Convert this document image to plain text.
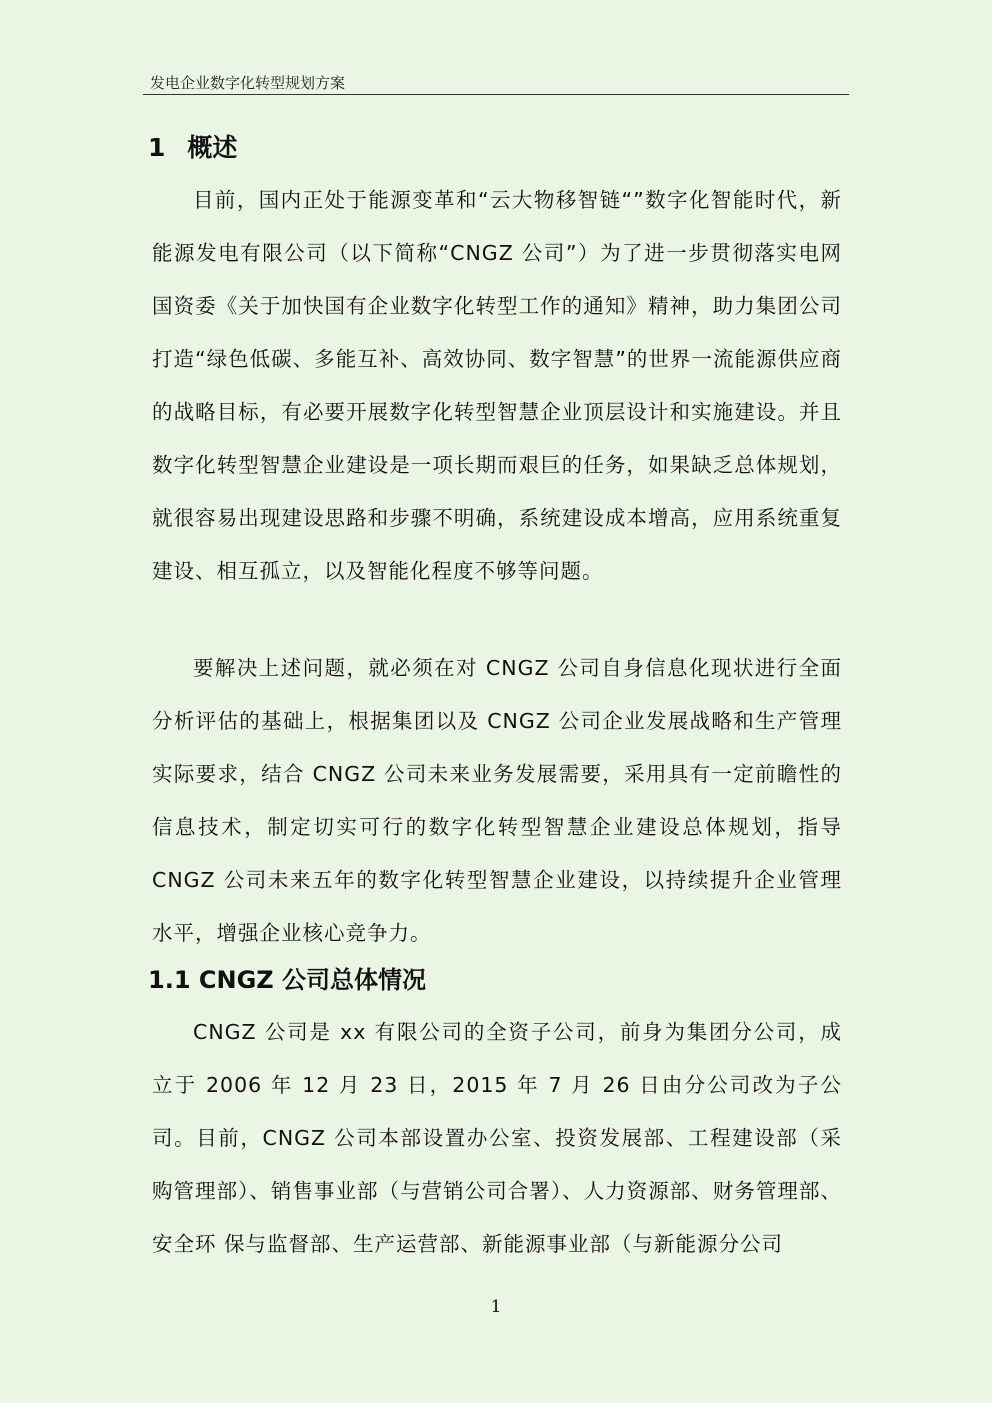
发电企业数字化转型规划方案
1 概述

目前，国内正处于能源变革和“云大物移智链“”数字化智能时代，新能源发电有限公司（以下简称“CNGZ 公司”）为了进一步贯彻落实电网国资委《关于加快国有企业数字化转型工作的通知》精神，助力集团公司打造“绿色低碳、多能互补、高效协同、数字智慧”的世界一流能源供应商的战略目标，有必要开展数字化转型智慧企业顶层设计和实施建设。并且数字化转型智慧企业建设是一项长期而艰巨的任务，如果缺乏总体规划，就很容易出现建设思路和步骤不明确，系统建设成本增高，应用系统重复建设、相互孤立，以及智能化程度不够等问题。

要解决上述问题，就必须在对 CNGZ 公司自身信息化现状进行全面分析评估的基础上，根据集团以及 CNGZ 公司企业发展战略和生产管理实际要求，结合 CNGZ 公司未来业务发展需要，采用具有一定前瞻性的信息技术，制定切实可行的数字化转型智慧企业建设总体规划，指导 CNGZ 公司未来五年的数字化转型智慧企业建设，以持续提升企业管理水平，增强企业核心竞争力。

1.1 CNGZ 公司总体情况

CNGZ 公司是 xx 有限公司的全资子公司，前身为集团分公司，成立于 2006 年 12 月 23 日，2015 年 7 月 26 日由分公司改为子公司。目前，CNGZ 公司本部设置办公室、投资发展部、工程建设部（采购管理部）、销售事业部（与营销公司合署）、人力资源部、财务管理部、安全环 保与监督部、生产运营部、新能源事业部（与新能源分公司

1
